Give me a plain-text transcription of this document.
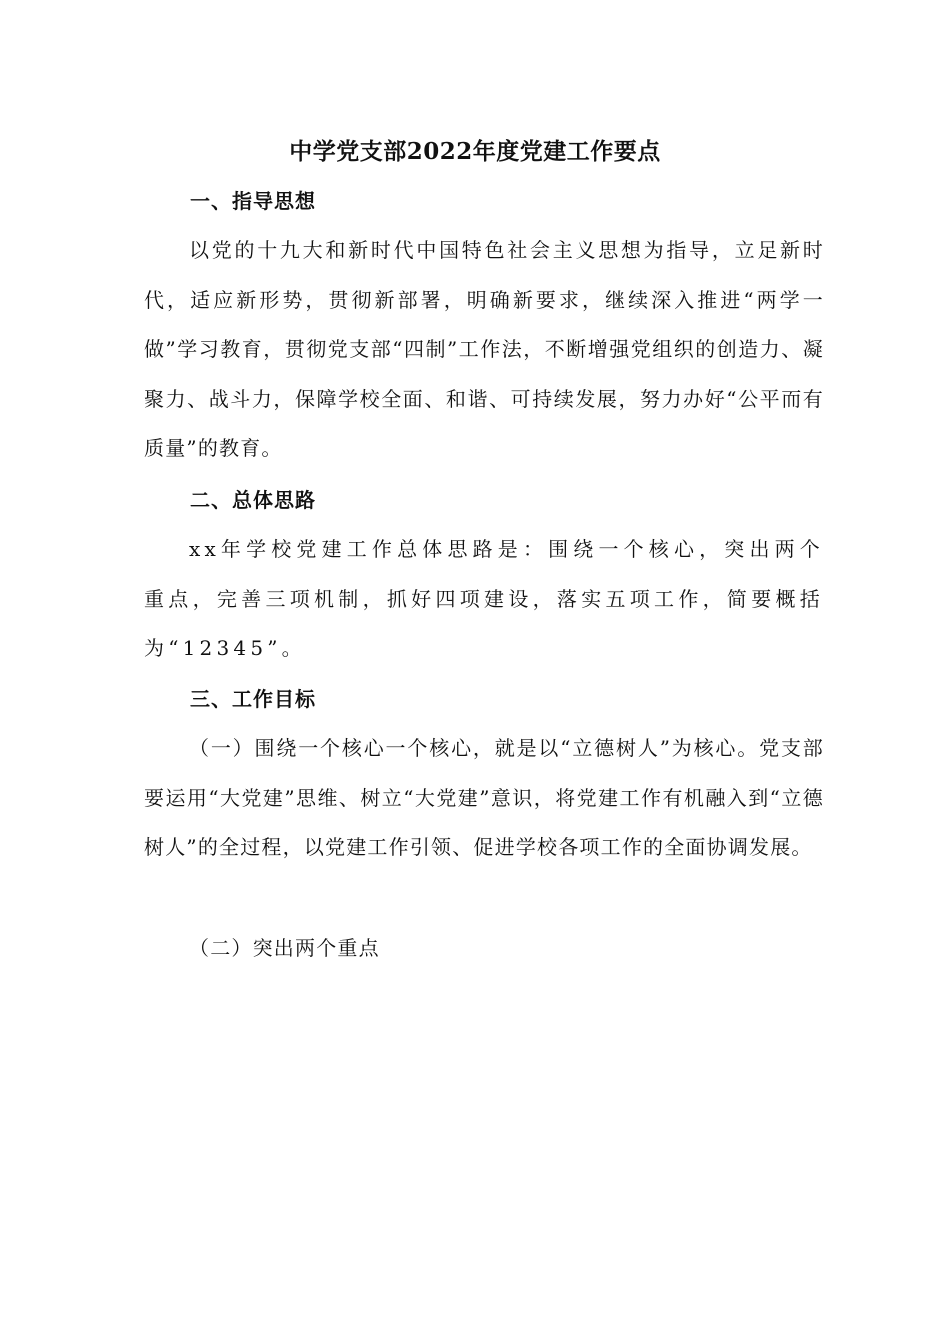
中学党支部2022年度党建工作要点
一、指导思想
以党的十九大和新时代中国特色社会主义思想为指导，立足新时代，适应新形势，贯彻新部署，明确新要求，继续深入推进“两学一做”学习教育，贯彻党支部“四制”工作法，不断增强党组织的创造力、凝聚力、战斗力，保障学校全面、和谐、可持续发展，努力办好“公平而有质量”的教育。
二、总体思路
xx年学校党建工作总体思路是：围绕一个核心，突出两个重点，完善三项机制，抓好四项建设，落实五项工作，简要概括为“12345”。
三、工作目标
（一）围绕一个核心一个核心，就是以“立德树人”为核心。党支部要运用“大党建”思维、树立“大党建”意识，将党建工作有机融入到“立德树人”的全过程，以党建工作引领、促进学校各项工作的全面协调发展。
（二）突出两个重点
